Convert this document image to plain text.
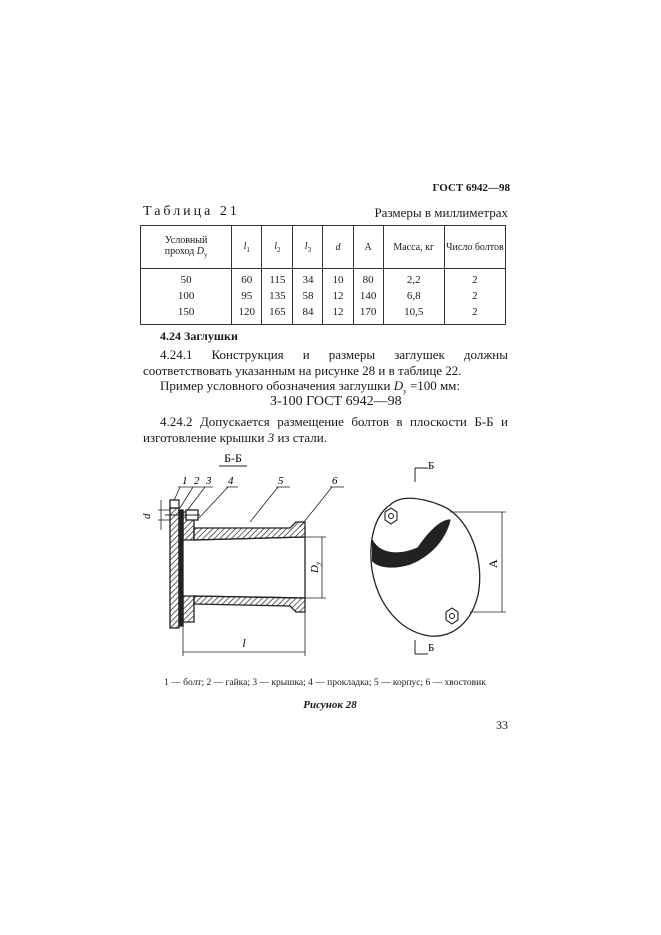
ГОСТ 6942—98
Таблица 21	Размеры в миллиметрах
Условный
проход $D_у$	$l_1$	$l_2$	$l_3$	d	А	Масса, кг	Число болтов
50	60	115	34	10	80	2,2	2
100	95	135	58	12	140	6,8	2
150	120	165	84	12	170	10,5	2
4.24 Заглушки
4.24.1 Конструкция и размеры заглушек должны соответствовать указанным на рисунке 28 и в таблице 22.
Пример условного обозначения заглушки $D_у =100$ мм:
З-100 ГОСТ 6942—98
4.24.2 Допускается размещение болтов в плоскости Б-Б и изготовление крышки 3 из стали.
Б-Б
1 2 3 4	5	6
d
Dу
l
Б
Б
А
1 — болт; 2 — гайка; 3 — крышка; 4 — прокладка; 5 — корпус; 6 — хвостовик
Рисунок 28
33
